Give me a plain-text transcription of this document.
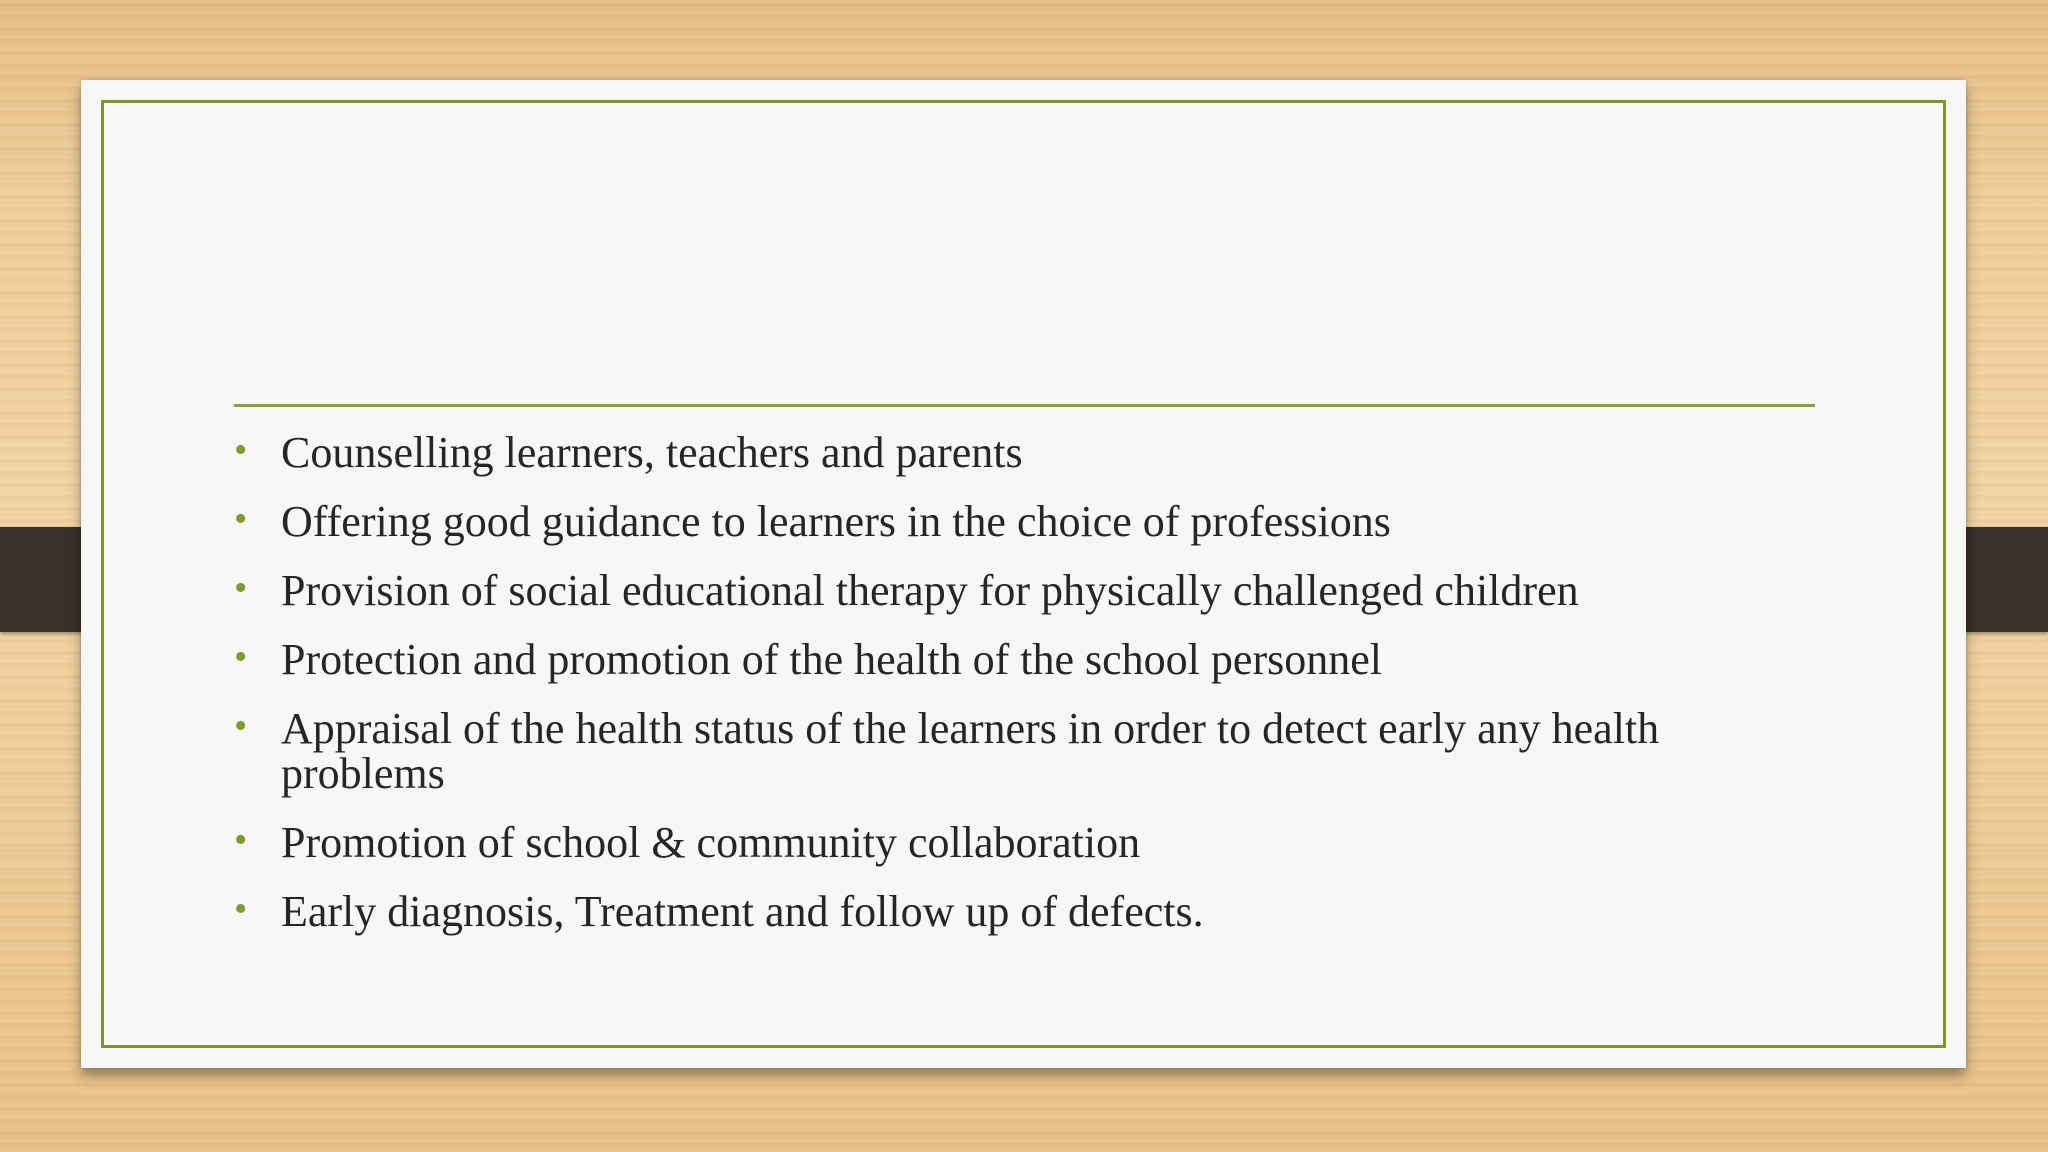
• Counselling learners, teachers and parents
• Offering good guidance to learners in the choice of professions
• Provision of social educational therapy for physically challenged children
• Protection and promotion of the health of the school personnel
• Appraisal of the health status of the learners in order to detect early any health problems
• Promotion of school & community collaboration
• Early diagnosis, Treatment and follow up of defects.
